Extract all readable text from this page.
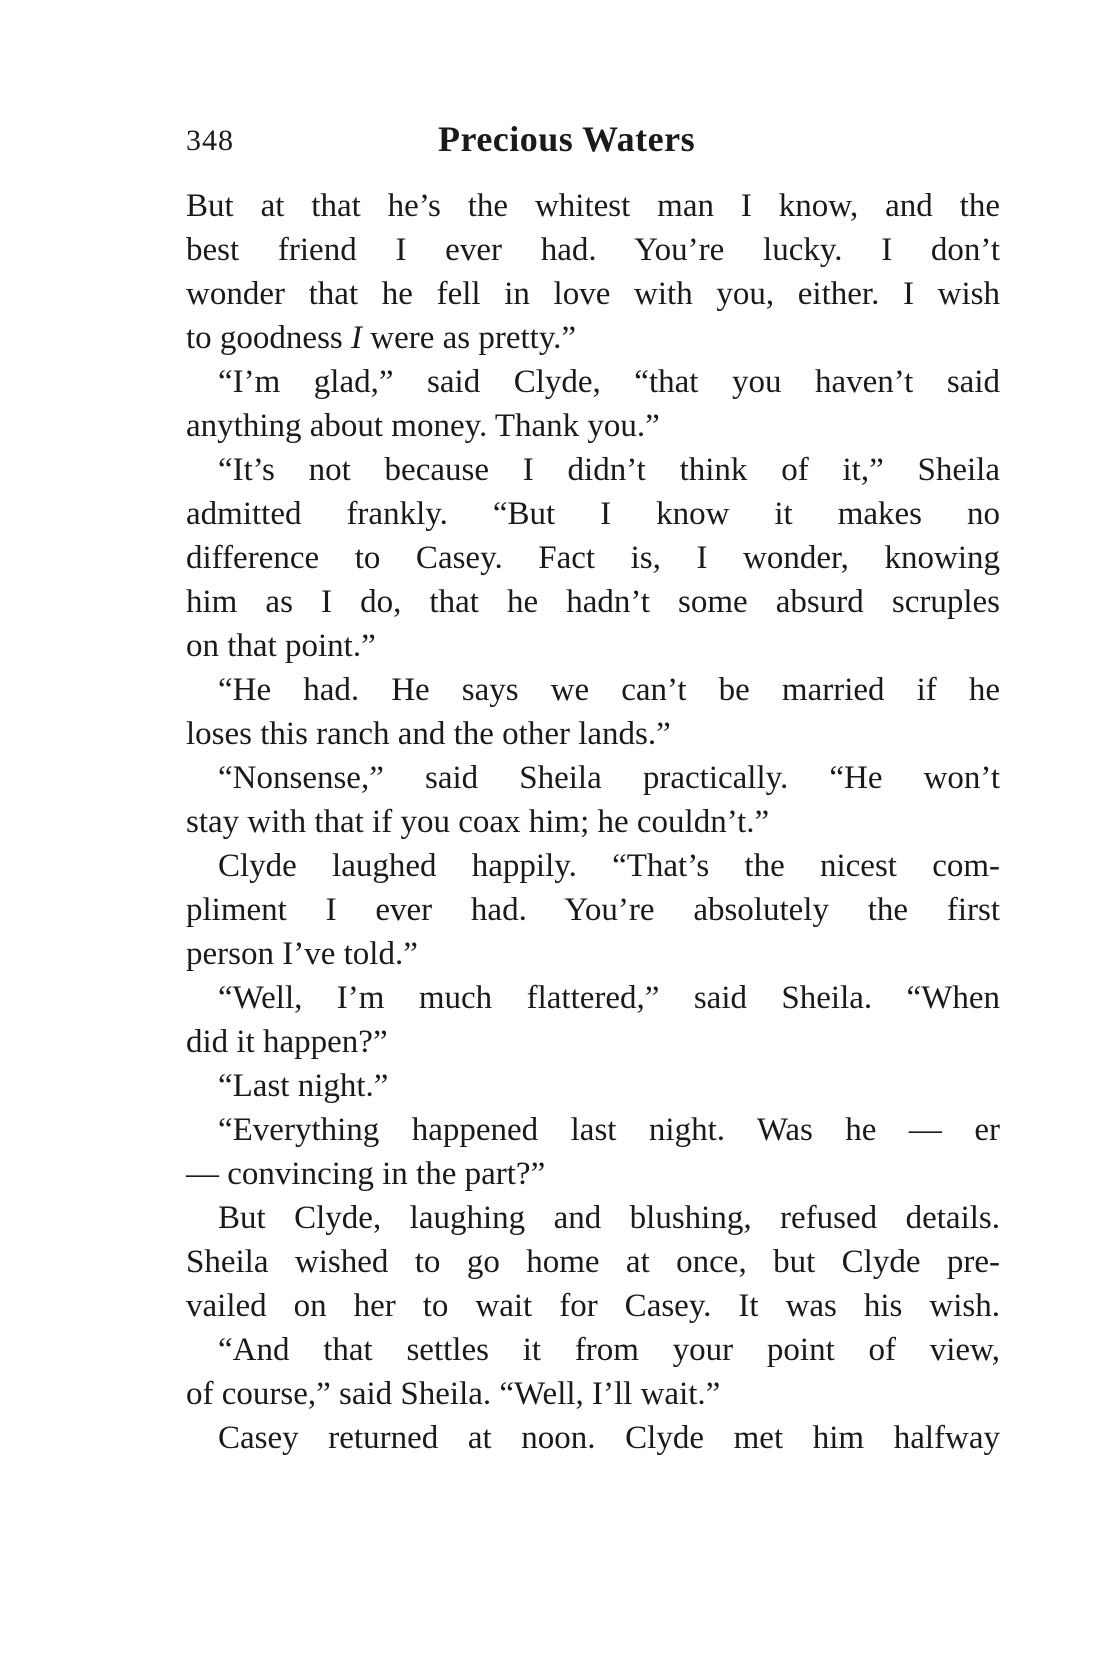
348	Precious Waters
But at that he’s the whitest man I know, and the
best friend I ever had. You’re lucky. I don’t
wonder that he fell in love with you, either. I wish
to goodness I were as pretty.”
“I’m glad,” said Clyde, “that you haven’t said
anything about money. Thank you.”
“It’s not because I didn’t think of it,” Sheila
admitted frankly. “But I know it makes no
difference to Casey. Fact is, I wonder, knowing
him as I do, that he hadn’t some absurd scruples
on that point.”
“He had. He says we can’t be married if he
loses this ranch and the other lands.”
“Nonsense,” said Sheila practically. “He won’t
stay with that if you coax him; he couldn’t.”
Clyde laughed happily. “That’s the nicest com-
pliment I ever had. You’re absolutely the first
person I’ve told.”
“Well, I’m much flattered,” said Sheila. “When
did it happen?”
“Last night.”
“Everything happened last night. Was he — er
— convincing in the part?”
But Clyde, laughing and blushing, refused details.
Sheila wished to go home at once, but Clyde pre-
vailed on her to wait for Casey. It was his wish.
“And that settles it from your point of view,
of course,” said Sheila. “Well, I’ll wait.”
Casey returned at noon. Clyde met him halfway
